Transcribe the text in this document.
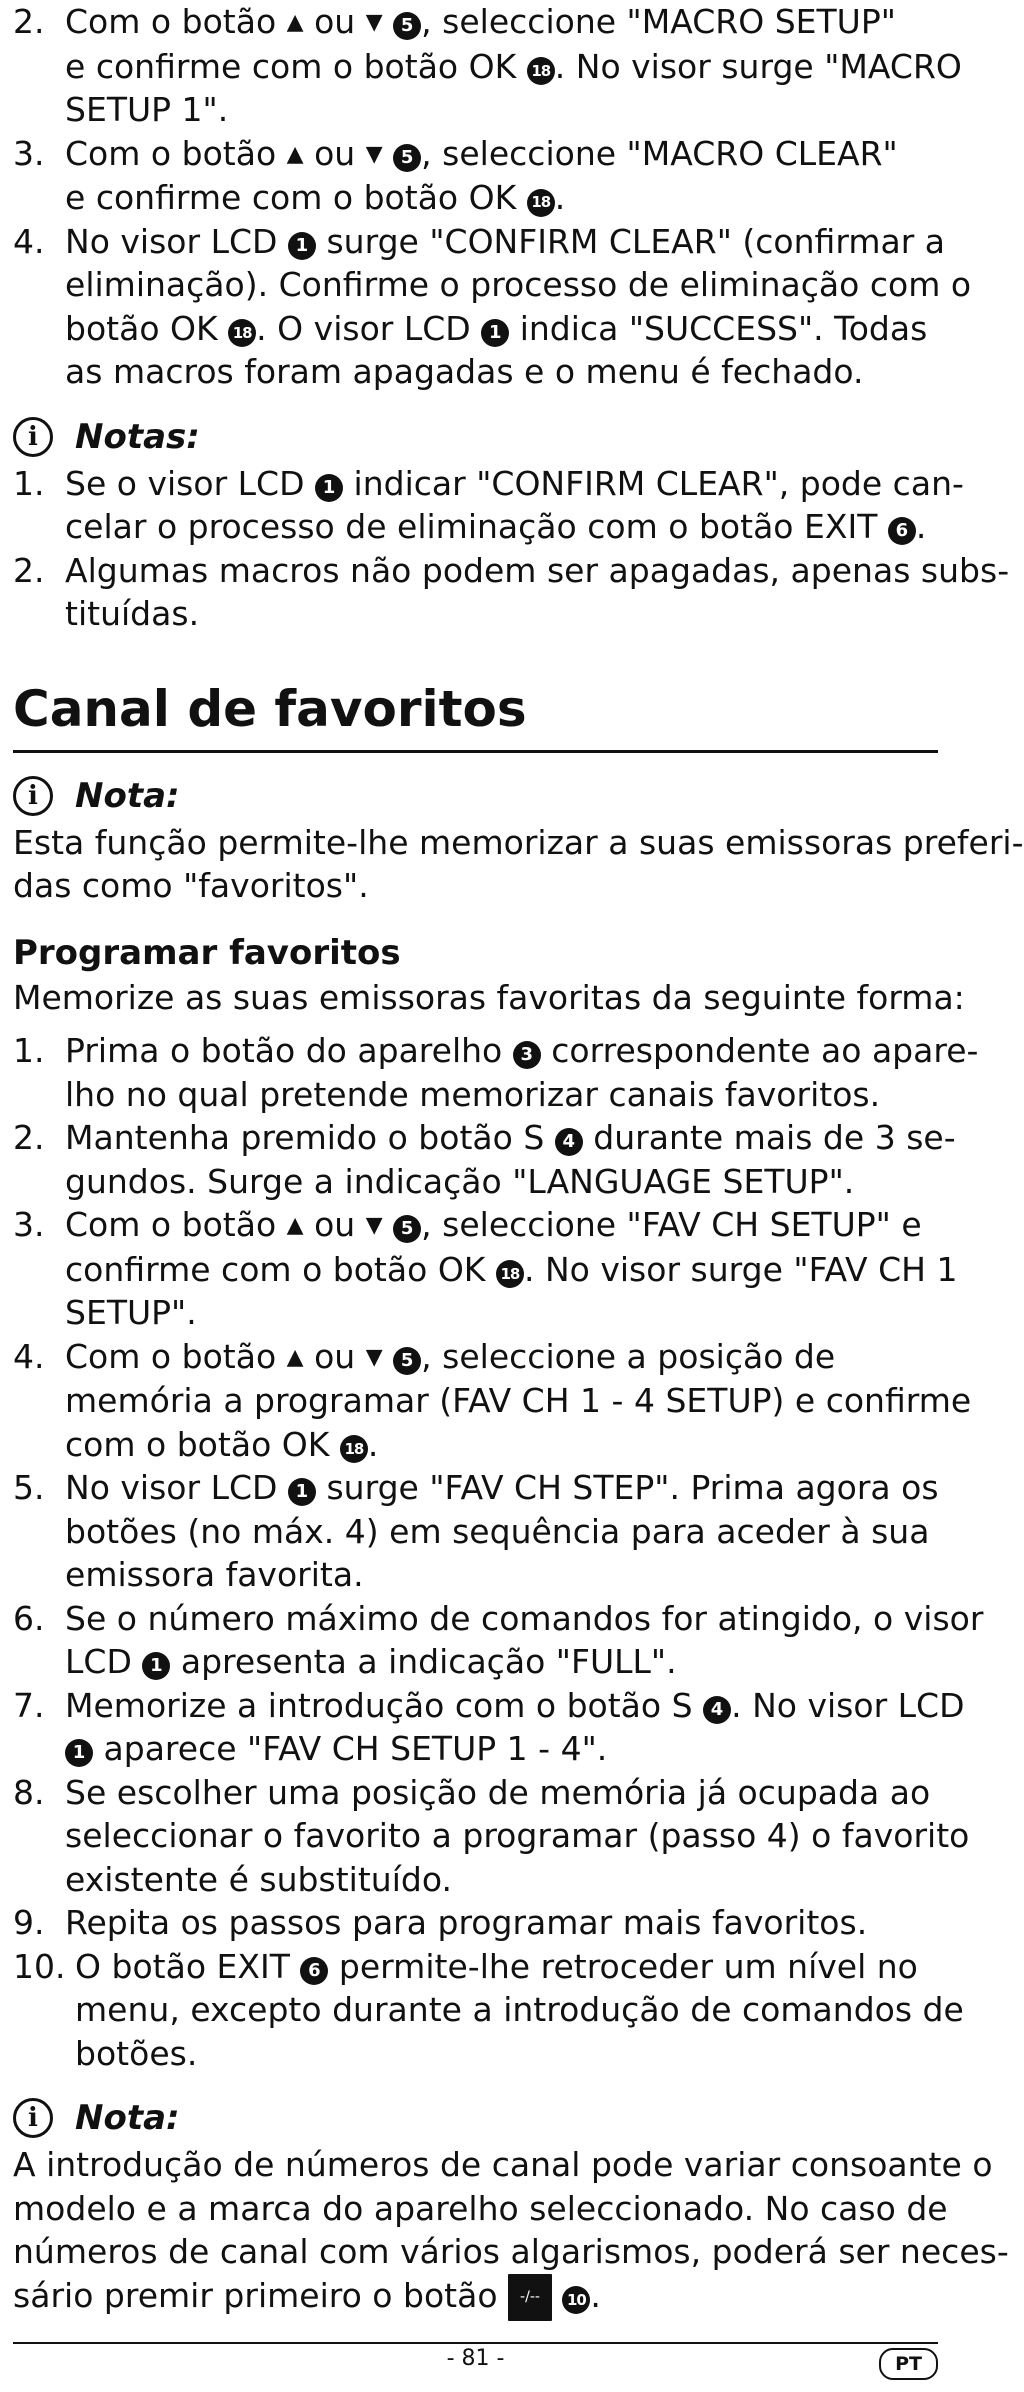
2. Com o botão ▲ ou ▼ 5 , seleccione "MACRO SETUP"
e confrme com o botão OK 18 . No visor surge "MACRO
SETUP 1".
3. Com o botão ▲ ou ▼ 5 , seleccione "MACRO CLEAR"
e confrme com o botão OK 18 .
4. No visor LCD 1 surge "CONFIRM CLEAR" (confrmar a
eliminação). Confrme o processo de eliminação com o
botão OK 18 . O visor LCD 1 indica "SUCCESS". Todas
as macros foram apagadas e o menu é fechado.
i	Notas:
1. Se o visor LCD 1 indicar "CONFIRM CLEAR", pode can-
celar o processo de eliminação com o botão EXIT 6 .
2. Algumas macros não podem ser apagadas, apenas subs-
tituídas.
Canal de favoritos
i	Nota:
Esta função permite-lhe memorizar a suas emissoras preferi-
das como "favoritos".
Programar favoritos
Memorize as suas emissoras favoritas da seguinte forma:
1. Prima o botão do aparelho 3 correspondente ao apare-
lho no qual pretende memorizar canais favoritos.
2. Mantenha premido o botão S 4 durante mais de 3 se-
gundos. Surge a indicação "LANGUAGE SETUP".
3. Com o botão ▲ ou ▼ 5 , seleccione "FAV CH SETUP" e
confrme com o botão OK 18 . No visor surge "FAV CH 1
SETUP".
4. Com o botão ▲ ou ▼ 5 , seleccione a posição de
memória a programar (FAV CH 1 - 4 SETUP) e confrme
com o botão OK 18 .
5. No visor LCD 1 surge "FAV CH STEP". Prima agora os
botões (no máx. 4) em sequência para aceder à sua
emissora favorita.
6. Se o número máximo de comandos for atingido, o visor
LCD 1 apresenta a indicação "FULL".
7. Memorize a introdução com o botão S 4 . No visor LCD
1 aparece "FAV CH SETUP 1 - 4".
8. Se escolher uma posição de memória já ocupada ao
seleccionar o favorito a programar (passo 4) o favorito
existente é substituído.
9. Repita os passos para programar mais favoritos.
10. O botão EXIT 6 permite-lhe retroceder um nível no
menu, excepto durante a introdução de comandos de
botões.
i	Nota:
A introdução de números de canal pode variar consoante o
modelo e a marca do aparelho seleccionado. No caso de
números de canal com vários algarismos, poderá ser neces-
sário premir primeiro o botão -/-- 10 .
- 81 -	PT
